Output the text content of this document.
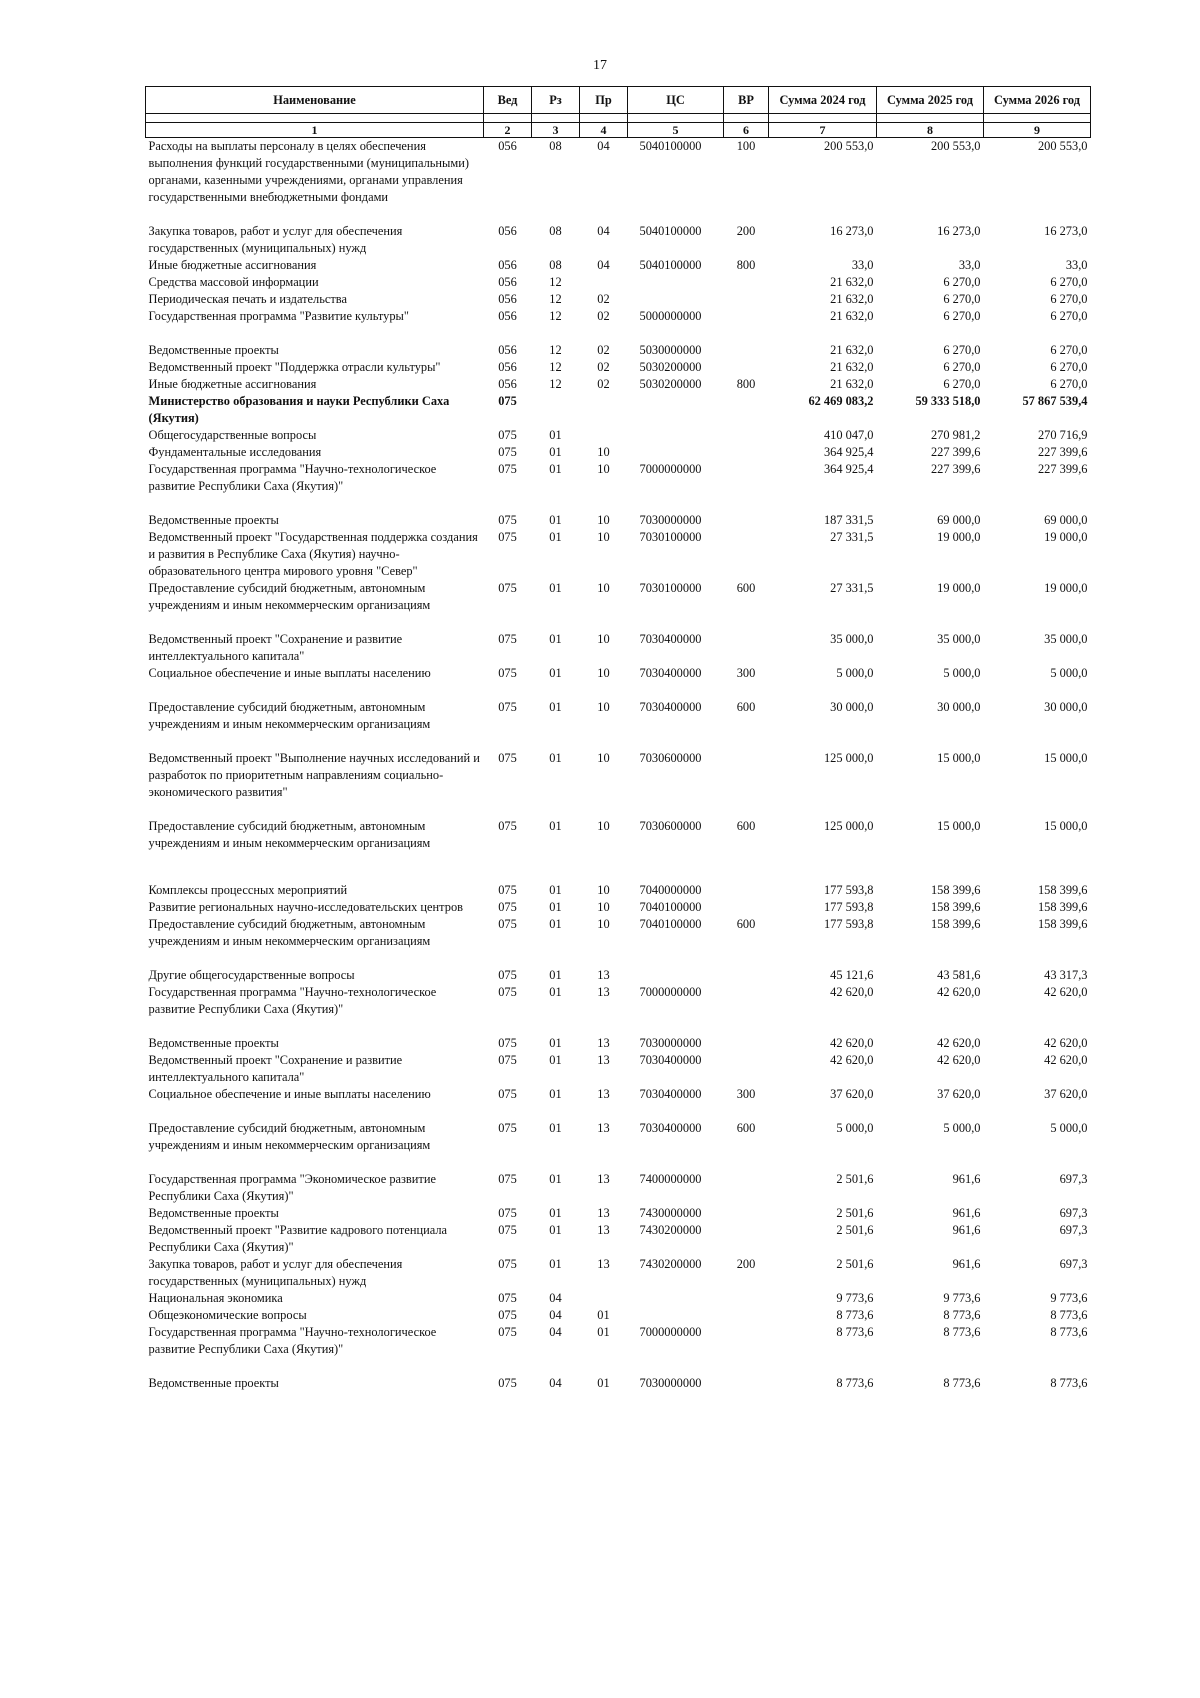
17
Наименование	Вед	Рз	Пр	ЦС	ВР	Сумма 2024 год	Сумма 2025 год	Сумма 2026 год

1	2	3	4	5	6	7	8	9
Расходы на выплаты персоналу в целях обеспечения выполнения функций государственными (муниципальными) органами, казенными учреждениями, органами управления государственными внебюджетными фондами	056	08	04	5040100000	100	200 553,0	200 553,0	200 553,0
Закупка товаров, работ и услуг для обеспечения государственных (муниципальных) нужд	056	08	04	5040100000	200	16 273,0	16 273,0	16 273,0
Иные бюджетные ассигнования	056	08	04	5040100000	800	33,0	33,0	33,0
Средства массовой информации	056	12				21 632,0	6 270,0	6 270,0
Периодическая печать и издательства	056	12	02			21 632,0	6 270,0	6 270,0
Государственная программа "Развитие культуры"	056	12	02	5000000000		21 632,0	6 270,0	6 270,0
Ведомственные проекты	056	12	02	5030000000		21 632,0	6 270,0	6 270,0
Ведомственный проект "Поддержка отрасли культуры"	056	12	02	5030200000		21 632,0	6 270,0	6 270,0
Иные бюджетные ассигнования	056	12	02	5030200000	800	21 632,0	6 270,0	6 270,0
Министерство образования и науки Республики Саха (Якутия)	075					62 469 083,2	59 333 518,0	57 867 539,4
Общегосударственные вопросы	075	01				410 047,0	270 981,2	270 716,9
Фундаментальные исследования	075	01	10			364 925,4	227 399,6	227 399,6
Государственная программа "Научно-технологическое развитие Республики Саха (Якутия)"	075	01	10	7000000000		364 925,4	227 399,6	227 399,6
Ведомственные проекты	075	01	10	7030000000		187 331,5	69 000,0	69 000,0
Ведомственный проект "Государственная поддержка создания и развития в Республике Саха (Якутия) научно-образовательного центра мирового уровня "Север"	075	01	10	7030100000		27 331,5	19 000,0	19 000,0
Предоставление субсидий бюджетным, автономным учреждениям и иным некоммерческим организациям	075	01	10	7030100000	600	27 331,5	19 000,0	19 000,0
Ведомственный проект "Сохранение и развитие интеллектуального капитала"	075	01	10	7030400000		35 000,0	35 000,0	35 000,0
Социальное обеспечение и иные выплаты населению	075	01	10	7030400000	300	5 000,0	5 000,0	5 000,0
Предоставление субсидий бюджетным, автономным учреждениям и иным некоммерческим организациям	075	01	10	7030400000	600	30 000,0	30 000,0	30 000,0
Ведомственный проект "Выполнение научных исследований и разработок по приоритетным направлениям социально-экономического развития"	075	01	10	7030600000		125 000,0	15 000,0	15 000,0
Предоставление субсидий бюджетным, автономным учреждениям и иным некоммерческим организациям	075	01	10	7030600000	600	125 000,0	15 000,0	15 000,0
Комплексы процессных мероприятий	075	01	10	7040000000		177 593,8	158 399,6	158 399,6
Развитие региональных научно-исследовательских центров	075	01	10	7040100000		177 593,8	158 399,6	158 399,6
Предоставление субсидий бюджетным, автономным учреждениям и иным некоммерческим организациям	075	01	10	7040100000	600	177 593,8	158 399,6	158 399,6
Другие общегосударственные вопросы	075	01	13			45 121,6	43 581,6	43 317,3
Государственная программа "Научно-технологическое развитие Республики Саха (Якутия)"	075	01	13	7000000000		42 620,0	42 620,0	42 620,0
Ведомственные проекты	075	01	13	7030000000		42 620,0	42 620,0	42 620,0
Ведомственный проект "Сохранение и развитие интеллектуального капитала"	075	01	13	7030400000		42 620,0	42 620,0	42 620,0
Социальное обеспечение и иные выплаты населению	075	01	13	7030400000	300	37 620,0	37 620,0	37 620,0
Предоставление субсидий бюджетным, автономным учреждениям и иным некоммерческим организациям	075	01	13	7030400000	600	5 000,0	5 000,0	5 000,0
Государственная программа "Экономическое развитие Республики Саха (Якутия)"	075	01	13	7400000000		2 501,6	961,6	697,3
Ведомственные проекты	075	01	13	7430000000		2 501,6	961,6	697,3
Ведомственный проект "Развитие кадрового потенциала Республики Саха (Якутия)"	075	01	13	7430200000		2 501,6	961,6	697,3
Закупка товаров, работ и услуг для обеспечения государственных (муниципальных) нужд	075	01	13	7430200000	200	2 501,6	961,6	697,3
Национальная экономика	075	04				9 773,6	9 773,6	9 773,6
Общеэкономические вопросы	075	04	01			8 773,6	8 773,6	8 773,6
Государственная программа "Научно-технологическое развитие Республики Саха (Якутия)"	075	04	01	7000000000		8 773,6	8 773,6	8 773,6
Ведомственные проекты	075	04	01	7030000000		8 773,6	8 773,6	8 773,6
